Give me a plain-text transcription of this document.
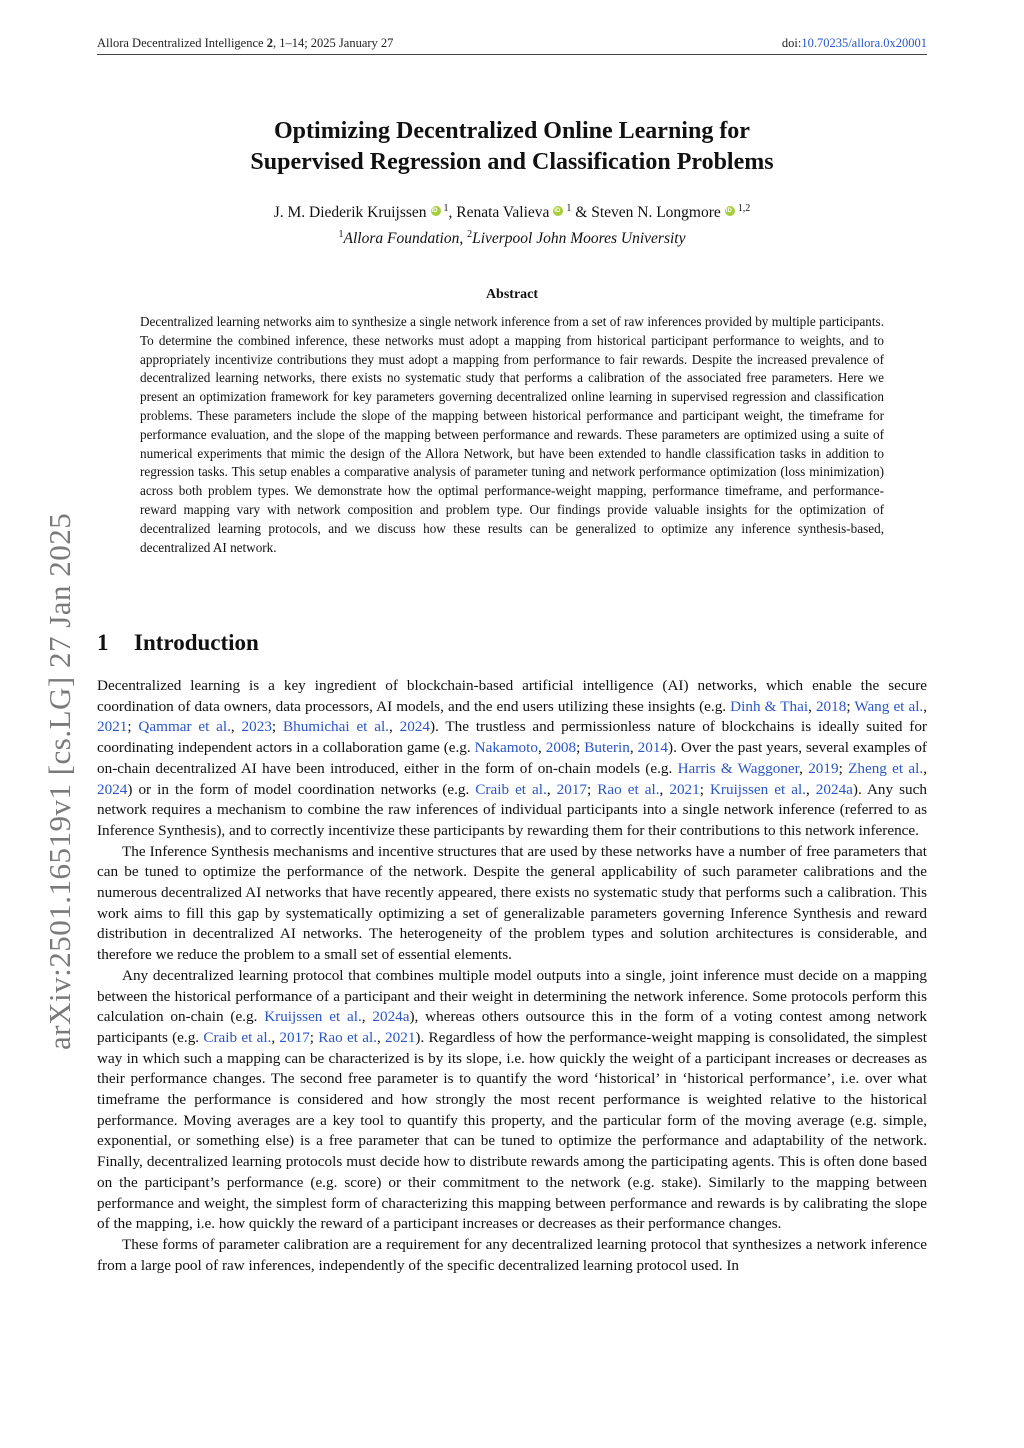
Allora Decentralized Intelligence 2, 1–14; 2025 January 27	doi:10.70235/allora.0x20001
arXiv:2501.16519v1 [cs.LG] 27 Jan 2025
Optimizing Decentralized Online Learning for
Supervised Regression and Classification Problems
J. M. Diederik Kruijssen iD $^1$, Renata Valieva iD $^1$ & Steven N. Longmore iD $^{1,2}$
$^1$Allora Foundation, $^2$Liverpool John Moores University
Abstract
Decentralized learning networks aim to synthesize a single network inference from a set of raw inferences provided by multiple participants. To determine the combined inference, these networks must adopt a mapping from historical participant performance to weights, and to appropriately incentivize contributions they must adopt a mapping from performance to fair rewards. Despite the increased prevalence of decentralized learning networks, there exists no systematic study that performs a calibration of the associated free parameters. Here we present an optimization framework for key parameters governing decentralized online learning in supervised regression and classification problems. These parameters include the slope of the mapping between historical performance and participant weight, the timeframe for performance evaluation, and the slope of the mapping between performance and rewards. These parameters are optimized using a suite of numerical experiments that mimic the design of the Allora Network, but have been extended to handle classification tasks in addition to regression tasks. This setup enables a comparative analysis of parameter tuning and network performance optimization (loss minimization) across both problem types. We demonstrate how the optimal performance-weight mapping, performance timeframe, and performance-reward mapping vary with network composition and problem type. Our findings provide valuable insights for the optimization of decentralized learning protocols, and we discuss how these results can be generalized to optimize any inference synthesis-based, decentralized AI network.
1 Introduction

Decentralized learning is a key ingredient of blockchain-based artificial intelligence (AI) networks, which enable the secure coordination of data owners, data processors, AI models, and the end users utilizing these insights (e.g. Dinh & Thai, 2018; Wang et al., 2021; Qammar et al., 2023; Bhumichai et al., 2024). The trustless and permissionless nature of blockchains is ideally suited for coordinating independent actors in a collaboration game (e.g. Nakamoto, 2008; Buterin, 2014). Over the past years, several examples of on-chain decentralized AI have been introduced, either in the form of on-chain models (e.g. Harris & Waggoner, 2019; Zheng et al., 2024) or in the form of model coordination networks (e.g. Craib et al., 2017; Rao et al., 2021; Kruijssen et al., 2024a). Any such network requires a mechanism to combine the raw inferences of individual participants into a single network inference (referred to as Inference Synthesis), and to correctly incentivize these participants by rewarding them for their contributions to this network inference.

The Inference Synthesis mechanisms and incentive structures that are used by these networks have a number of free parameters that can be tuned to optimize the performance of the network. Despite the general applicability of such parameter calibrations and the numerous decentralized AI networks that have recently appeared, there exists no systematic study that performs such a calibration. This work aims to fill this gap by systematically optimizing a set of generalizable parameters governing Inference Synthesis and reward distribution in decentralized AI networks. The heterogeneity of the problem types and solution architectures is considerable, and therefore we reduce the problem to a small set of essential elements.

Any decentralized learning protocol that combines multiple model outputs into a single, joint inference must decide on a mapping between the historical performance of a participant and their weight in determining the network inference. Some protocols perform this calculation on-chain (e.g. Kruijssen et al., 2024a), whereas others outsource this in the form of a voting contest among network participants (e.g. Craib et al., 2017; Rao et al., 2021). Regardless of how the performance-weight mapping is consolidated, the simplest way in which such a mapping can be characterized is by its slope, i.e. how quickly the weight of a participant increases or decreases as their performance changes. The second free parameter is to quantify the word ‘historical’ in ‘historical performance’, i.e. over what timeframe the performance is considered and how strongly the most recent performance is weighted relative to the historical performance. Moving averages are a key tool to quantify this property, and the particular form of the moving average (e.g. simple, exponential, or something else) is a free parameter that can be tuned to optimize the performance and adaptability of the network. Finally, decentralized learning protocols must decide how to distribute rewards among the participating agents. This is often done based on the participant’s performance (e.g. score) or their commitment to the network (e.g. stake). Similarly to the mapping between performance and weight, the simplest form of characterizing this mapping between performance and rewards is by calibrating the slope of the mapping, i.e. how quickly the reward of a participant increases or decreases as their performance changes.

These forms of parameter calibration are a requirement for any decentralized learning protocol that synthesizes a network inference from a large pool of raw inferences, independently of the specific decentralized learning protocol used. In
